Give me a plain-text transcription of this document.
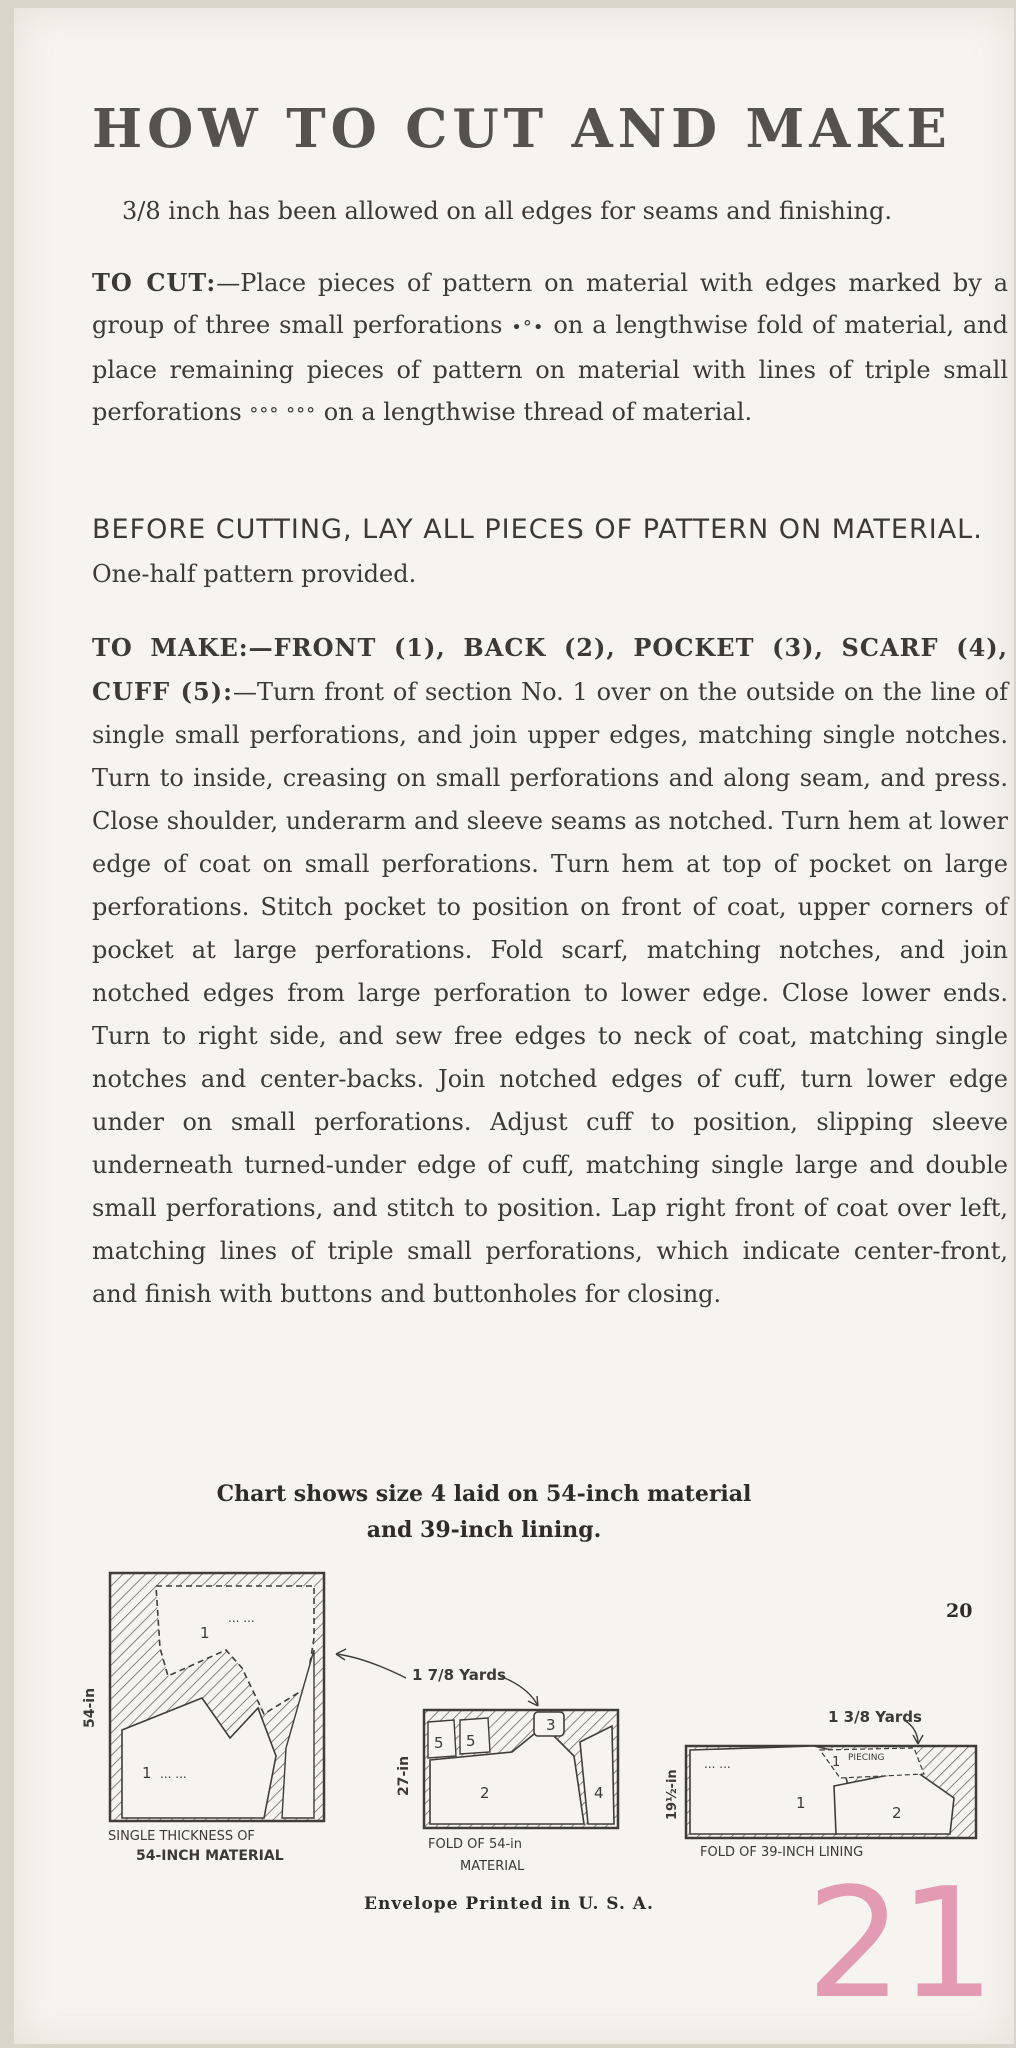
HOW TO CUT AND MAKE
3/8 inch has been allowed on all edges for seams and finishing.
TO CUT:—Place pieces of pattern on material with edges marked by a group of three small perforations •°• on a lengthwise fold of material, and place remaining pieces of pattern on material with lines of triple small perforations °°° °°° on a lengthwise thread of material.
BEFORE CUTTING, LAY ALL PIECES OF PATTERN ON MATERIAL. One-half pattern provided.
TO MAKE:—FRONT (1), BACK (2), POCKET (3), SCARF (4), CUFF (5):—Turn front of section No. 1 over on the outside on the line of single small perforations, and join upper edges, matching single notches. Turn to inside, creasing on small perforations and along seam, and press. Close shoulder, underarm and sleeve seams as notched. Turn hem at lower edge of coat on small perforations. Turn hem at top of pocket on large perforations. Stitch pocket to position on front of coat, upper corners of pocket at large perforations. Fold scarf, matching notches, and join notched edges from large perforation to lower edge. Close lower ends. Turn to right side, and sew free edges to neck of coat, matching single notches and center-backs. Join notched edges of cuff, turn lower edge under on small perforations. Adjust cuff to position, slipping sleeve underneath turned-under edge of cuff, matching single large and double small perforations, and stitch to position. Lap right front of coat over left, matching lines of triple small perforations, which indicate center-front, and finish with buttons and buttonholes for closing.
Chart shows size 4 laid on 54-inch material
and 39-inch lining.
20
1
... ...
1 ... ...
54-in
SINGLE THICKNESS OF
54-INCH MATERIAL
1 7/8 Yards
3
5 5
2	4
27-in
FOLD OF 54-in
MATERIAL
1 3/8 Yards
... ...
1
1
2
PIECING
19½-in
FOLD OF 39-INCH LINING
Envelope Printed in U. S. A. 21
